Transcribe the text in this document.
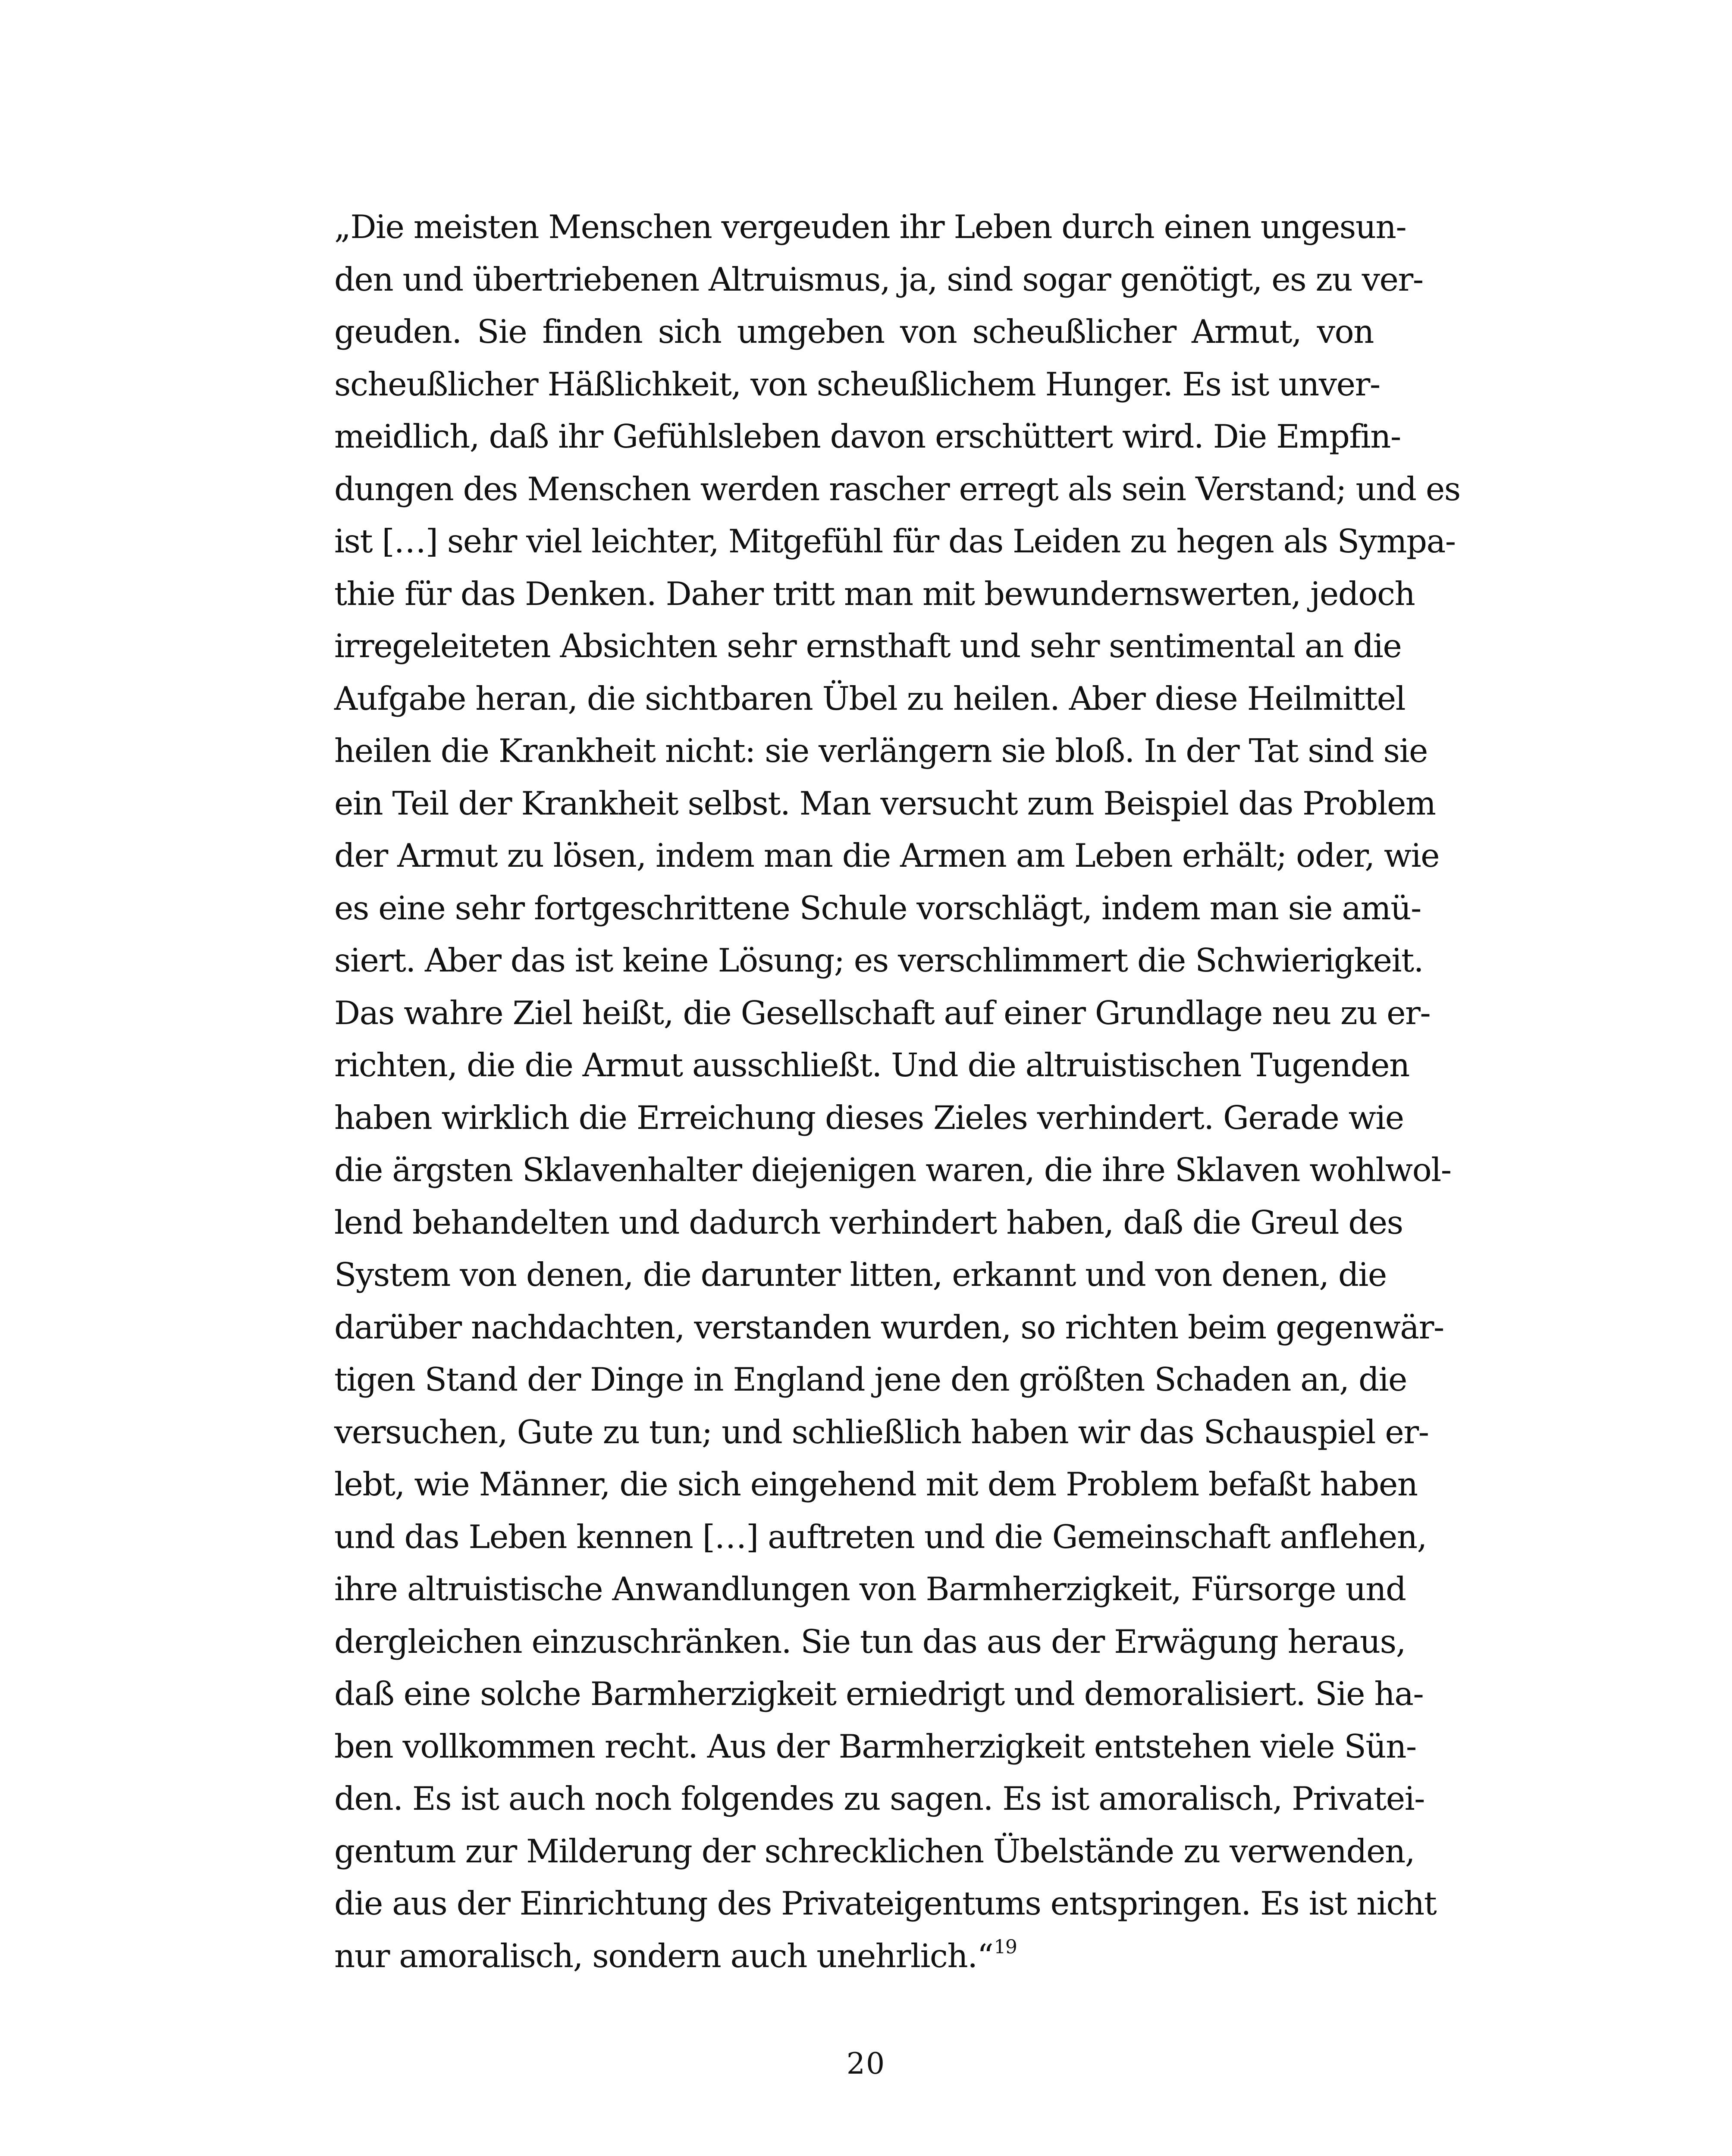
„Die meisten Menschen vergeuden ihr Leben durch einen ungesun-
den und übertriebenen Altruismus, ja, sind sogar genötigt, es zu ver-
geuden. Sie finden sich umgeben von scheußlicher Armut, von
scheußlicher Häßlichkeit, von scheußlichem Hunger. Es ist unver-
meidlich, daß ihr Gefühlsleben davon erschüttert wird. Die Empfin-
dungen des Menschen werden rascher erregt als sein Verstand; und es
ist […] sehr viel leichter, Mitgefühl für das Leiden zu hegen als Sympa-
thie für das Denken. Daher tritt man mit bewundernswerten, jedoch
irregeleiteten Absichten sehr ernsthaft und sehr sentimental an die
Aufgabe heran, die sichtbaren Übel zu heilen. Aber diese Heilmittel
heilen die Krankheit nicht: sie verlängern sie bloß. In der Tat sind sie
ein Teil der Krankheit selbst. Man versucht zum Beispiel das Problem
der Armut zu lösen, indem man die Armen am Leben erhält; oder, wie
es eine sehr fortgeschrittene Schule vorschlägt, indem man sie amü-
siert. Aber das ist keine Lösung; es verschlimmert die Schwierigkeit.
Das wahre Ziel heißt, die Gesellschaft auf einer Grundlage neu zu er-
richten, die die Armut ausschließt. Und die altruistischen Tugenden
haben wirklich die Erreichung dieses Zieles verhindert. Gerade wie
die ärgsten Sklavenhalter diejenigen waren, die ihre Sklaven wohlwol-
lend behandelten und dadurch verhindert haben, daß die Greul des
System von denen, die darunter litten, erkannt und von denen, die
darüber nachdachten, verstanden wurden, so richten beim gegenwär-
tigen Stand der Dinge in England jene den größten Schaden an, die
versuchen, Gute zu tun; und schließlich haben wir das Schauspiel er-
lebt, wie Männer, die sich eingehend mit dem Problem befaßt haben
und das Leben kennen […] auftreten und die Gemeinschaft anflehen,
ihre altruistische Anwandlungen von Barmherzigkeit, Fürsorge und
dergleichen einzuschränken. Sie tun das aus der Erwägung heraus,
daß eine solche Barmherzigkeit erniedrigt und demoralisiert. Sie ha-
ben vollkommen recht. Aus der Barmherzigkeit entstehen viele Sün-
den. Es ist auch noch folgendes zu sagen. Es ist amoralisch, Privatei-
gentum zur Milderung der schrecklichen Übelstände zu verwenden,
die aus der Einrichtung des Privateigentums entspringen. Es ist nicht
nur amoralisch, sondern auch unehrlich.“$^{19}$
20
